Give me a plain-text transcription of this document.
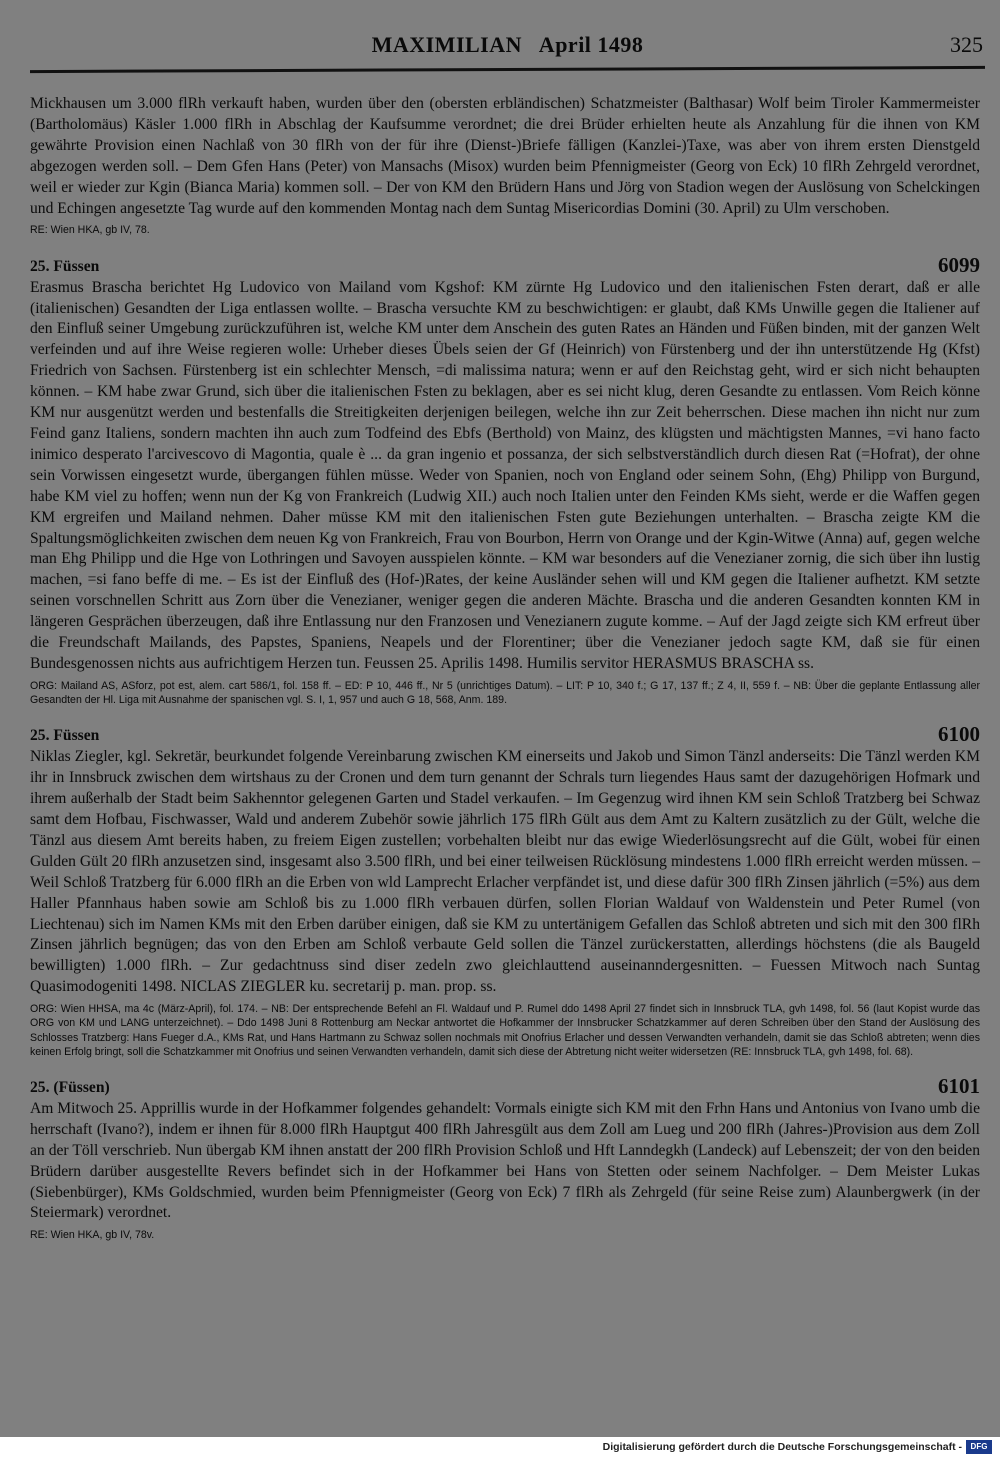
MAXIMILIAN   April 1498	325

Mickhausen um 3.000 flRh verkauft haben, wurden über den (obersten erbländischen) Schatzmeister (Balthasar) Wolf beim Tiroler Kammermeister (Bartholomäus) Käsler 1.000 flRh in Abschlag der Kaufsumme verordnet; die drei Brüder erhielten heute als Anzahlung für die ihnen von KM gewährte Provision einen Nachlaß von 30 flRh von der für ihre (Dienst-)Briefe fälligen (Kanzlei-)Taxe, was aber von ihrem ersten Dienstgeld abgezogen werden soll. – Dem Gfen Hans (Peter) von Mansachs (Misox) wurden beim Pfennigmeister (Georg von Eck) 10 flRh Zehrgeld verordnet, weil er wieder zur Kgin (Bianca Maria) kommen soll. – Der von KM den Brüdern Hans und Jörg von Stadion wegen der Auslösung von Schelckingen und Echingen angesetzte Tag wurde auf den kommenden Montag nach dem Suntag Misericordias Domini (30. April) zu Ulm verschoben.

RE: Wien HKA, gb IV, 78.

25. Füssen	6099

Erasmus Brascha berichtet Hg Ludovico von Mailand vom Kgshof: KM zürnte Hg Ludovico und den italienischen Fsten derart, daß er alle (italienischen) Gesandten der Liga entlassen wollte. – Brascha versuchte KM zu beschwichtigen: er glaubt, daß KMs Unwille gegen die Italiener auf den Einfluß seiner Umgebung zurückzuführen ist, welche KM unter dem Anschein des guten Rates an Händen und Füßen binden, mit der ganzen Welt verfeinden und auf ihre Weise regieren wolle: Urheber dieses Übels seien der Gf (Heinrich) von Fürstenberg und der ihn unterstützende Hg (Kfst) Friedrich von Sachsen. Fürstenberg ist ein schlechter Mensch, =di malissima natura; wenn er auf den Reichstag geht, wird er sich nicht behaupten können. – KM habe zwar Grund, sich über die italienischen Fsten zu beklagen, aber es sei nicht klug, deren Gesandte zu entlassen. Vom Reich könne KM nur ausgenützt werden und bestenfalls die Streitigkeiten derjenigen beilegen, welche ihn zur Zeit beherrschen. Diese machen ihn nicht nur zum Feind ganz Italiens, sondern machten ihn auch zum Todfeind des Ebfs (Berthold) von Mainz, des klügsten und mächtigsten Mannes, =vi hano facto inimico desperato l'arcivescovo di Magontia, quale è ... da gran ingenio et possanza, der sich selbstverständlich durch diesen Rat (=Hofrat), der ohne sein Vorwissen eingesetzt wurde, übergangen fühlen müsse. Weder von Spanien, noch von England oder seinem Sohn, (Ehg) Philipp von Burgund, habe KM viel zu hoffen; wenn nun der Kg von Frankreich (Ludwig XII.) auch noch Italien unter den Feinden KMs sieht, werde er die Waffen gegen KM ergreifen und Mailand nehmen. Daher müsse KM mit den italienischen Fsten gute Beziehungen unterhalten. – Brascha zeigte KM die Spaltungsmöglichkeiten zwischen dem neuen Kg von Frankreich, Frau von Bourbon, Herrn von Orange und der Kgin-Witwe (Anna) auf, gegen welche man Ehg Philipp und die Hge von Lothringen und Savoyen ausspielen könnte. – KM war besonders auf die Venezianer zornig, die sich über ihn lustig machen, =si fano beffe di me. – Es ist der Einfluß des (Hof-)Rates, der keine Ausländer sehen will und KM gegen die Italiener aufhetzt. KM setzte seinen vorschnellen Schritt aus Zorn über die Venezianer, weniger gegen die anderen Mächte. Brascha und die anderen Gesandten konnten KM in längeren Gesprächen überzeugen, daß ihre Entlassung nur den Franzosen und Venezianern zugute komme. – Auf der Jagd zeigte sich KM erfreut über die Freundschaft Mailands, des Papstes, Spaniens, Neapels und der Florentiner; über die Venezianer jedoch sagte KM, daß sie für einen Bundesgenossen nichts aus aufrichtigem Herzen tun. Feussen 25. Aprilis 1498. Humilis servitor HERASMUS BRASCHA ss.

ORG: Mailand AS, ASforz, pot est, alem. cart 586/1, fol. 158 ff. – ED: P 10, 446 ff., Nr 5 (unrichtiges Datum). – LIT: P 10, 340 f.; G 17, 137 ff.; Z 4, II, 559 f. – NB: Über die geplante Entlassung aller Gesandten der Hl. Liga mit Ausnahme der spanischen vgl. S. I, 1, 957 und auch G 18, 568, Anm. 189.

25. Füssen	6100

Niklas Ziegler, kgl. Sekretär, beurkundet folgende Vereinbarung zwischen KM einerseits und Jakob und Simon Tänzl anderseits: Die Tänzl werden KM ihr in Innsbruck zwischen dem wirtshaus zu der Cronen und dem turn genannt der Schrals turn liegendes Haus samt der dazugehörigen Hofmark und ihrem außerhalb der Stadt beim Sakhenntor gelegenen Garten und Stadel verkaufen. – Im Gegenzug wird ihnen KM sein Schloß Tratzberg bei Schwaz samt dem Hofbau, Fischwasser, Wald und anderem Zubehör sowie jährlich 175 flRh Gült aus dem Amt zu Kaltern zusätzlich zu der Gült, welche die Tänzl aus diesem Amt bereits haben, zu freiem Eigen zustellen; vorbehalten bleibt nur das ewige Wiederlösungsrecht auf die Gült, wobei für einen Gulden Gült 20 flRh anzusetzen sind, insgesamt also 3.500 flRh, und bei einer teilweisen Rücklösung mindestens 1.000 flRh erreicht werden müssen. – Weil Schloß Tratzberg für 6.000 flRh an die Erben von wld Lamprecht Erlacher verpfändet ist, und diese dafür 300 flRh Zinsen jährlich (=5%) aus dem Haller Pfannhaus haben sowie am Schloß bis zu 1.000 flRh verbauen dürfen, sollen Florian Waldauf von Waldenstein und Peter Rumel (von Liechtenau) sich im Namen KMs mit den Erben darüber einigen, daß sie KM zu untertänigem Gefallen das Schloß abtreten und sich mit den 300 flRh Zinsen jährlich begnügen; das von den Erben am Schloß verbaute Geld sollen die Tänzel zurückerstatten, allerdings höchstens (die als Baugeld bewilligten) 1.000 flRh. – Zur gedachtnuss sind diser zedeln zwo gleichlauttend auseinanndergesnitten. – Fuessen Mitwoch nach Suntag Quasimodogeniti 1498. NICLAS ZIEGLER ku. secretarij p. man. prop. ss.

ORG: Wien HHSA, ma 4c (März-April), fol. 174. – NB: Der entsprechende Befehl an Fl. Waldauf und P. Rumel ddo 1498 April 27 findet sich in Innsbruck TLA, gvh 1498, fol. 56 (laut Kopist wurde das ORG von KM und LANG unterzeichnet). – Ddo 1498 Juni 8 Rottenburg am Neckar antwortet die Hofkammer der Innsbrucker Schatzkammer auf deren Schreiben über den Stand der Auslösung des Schlosses Tratzberg: Hans Fueger d.A., KMs Rat, und Hans Hartmann zu Schwaz sollen nochmals mit Onofrius Erlacher und dessen Verwandten verhandeln, damit sie das Schloß abtreten; wenn dies keinen Erfolg bringt, soll die Schatzkammer mit Onofrius und seinen Verwandten verhandeln, damit sich diese der Abtretung nicht weiter widersetzen (RE: Innsbruck TLA, gvh 1498, fol. 68).

25. (Füssen)	6101

Am Mitwoch 25. Apprillis wurde in der Hofkammer folgendes gehandelt: Vormals einigte sich KM mit den Frhn Hans und Antonius von Ivano umb die herrschaft (Ivano?), indem er ihnen für 8.000 flRh Hauptgut 400 flRh Jahresgült aus dem Zoll am Lueg und 200 flRh (Jahres-)Provision aus dem Zoll an der Töll verschrieb. Nun übergab KM ihnen anstatt der 200 flRh Provision Schloß und Hft Lanndegkh (Landeck) auf Lebenszeit; der von den beiden Brüdern darüber ausgestellte Revers befindet sich in der Hofkammer bei Hans von Stetten oder seinem Nachfolger. – Dem Meister Lukas (Siebenbürger), KMs Goldschmied, wurden beim Pfennigmeister (Georg von Eck) 7 flRh als Zehrgeld (für seine Reise zum) Alaunbergwerk (in der Steiermark) verordnet.

RE: Wien HKA, gb IV, 78v.

Digitalisierung gefördert durch die Deutsche Forschungsgemeinschaft -	DFG
